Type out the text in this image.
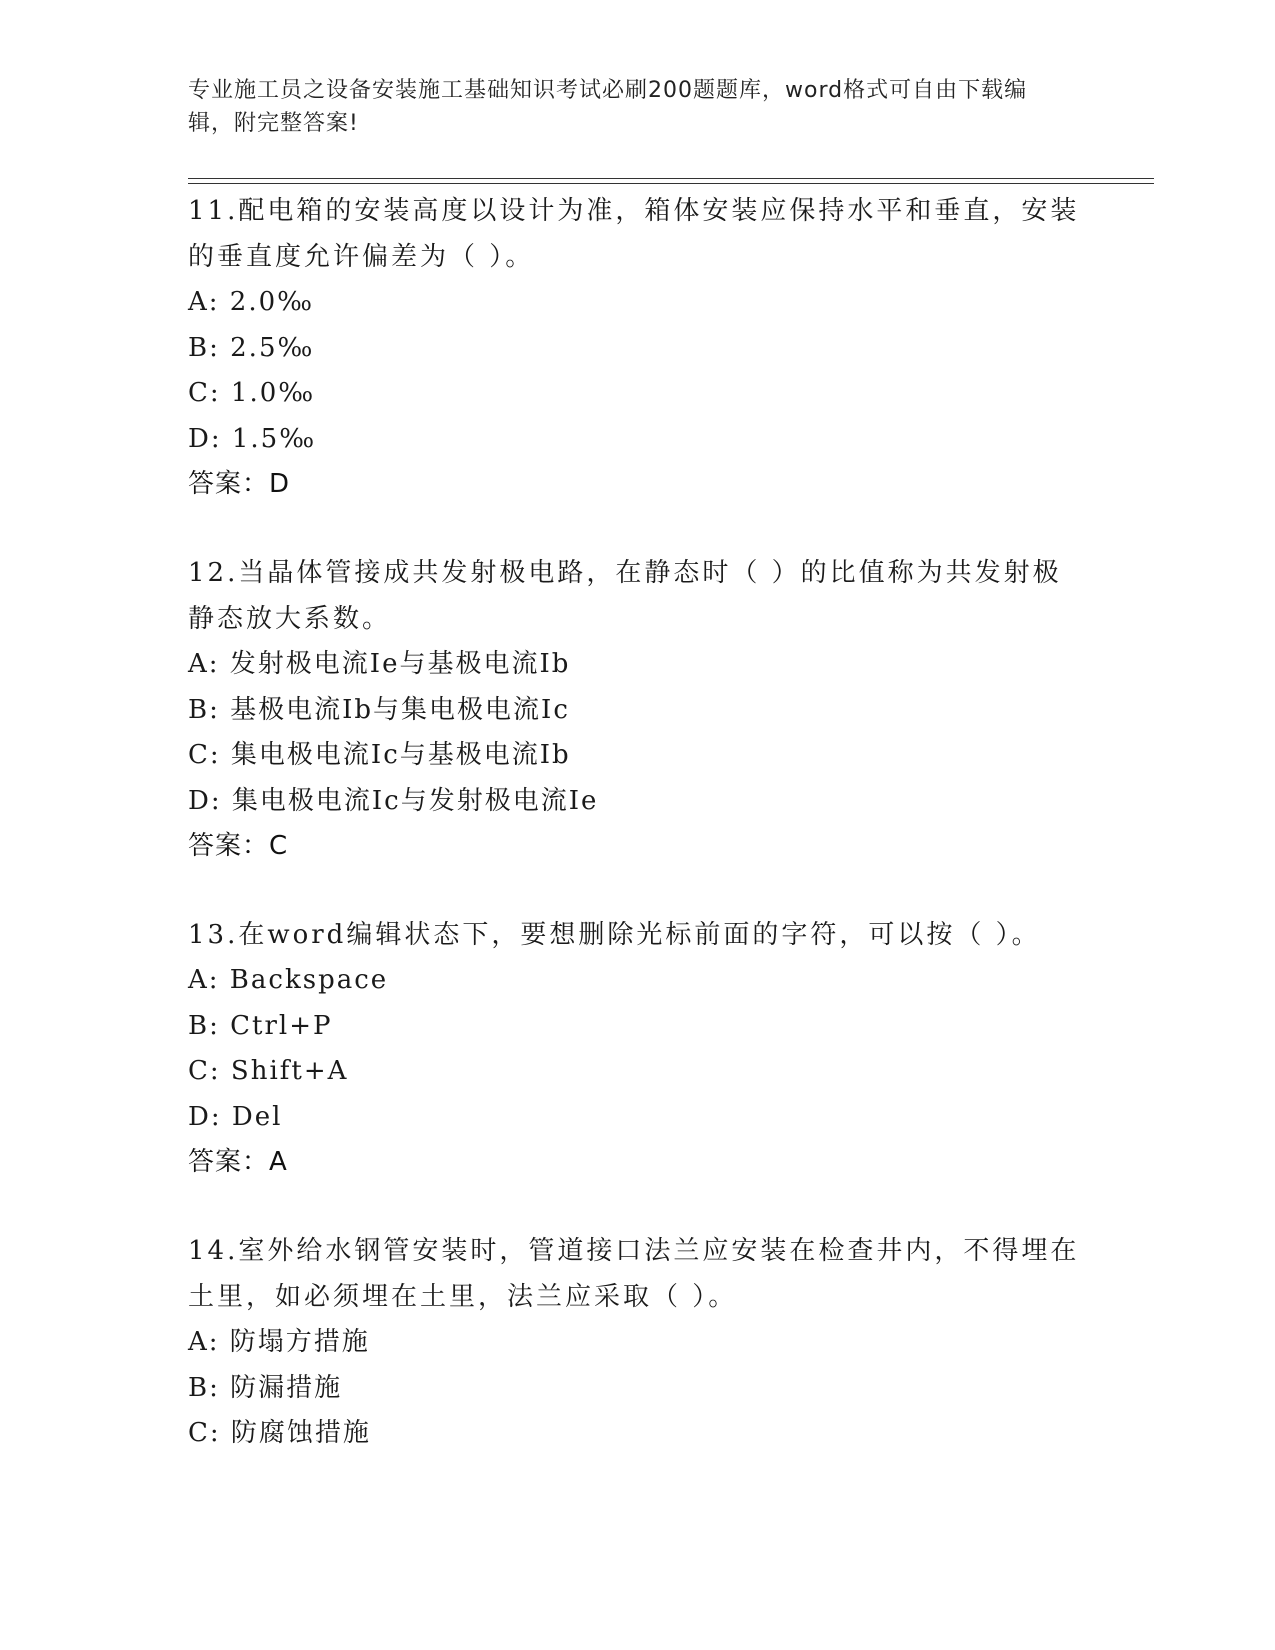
专业施工员之设备安装施工基础知识考试必刷200题题库，word格式可自由下载编辑，附完整答案!

11.配电箱的安装高度以设计为准，箱体安装应保持水平和垂直，安装的垂直度允许偏差为（ ）。

A: 2.0‰

B: 2.5‰

C: 1.0‰

D: 1.5‰

答案：D

12.当晶体管接成共发射极电路，在静态时（ ）的比值称为共发射极静态放大系数。

A: 发射极电流Ie与基极电流Ib

B: 基极电流Ib与集电极电流Ic

C: 集电极电流Ic与基极电流Ib

D: 集电极电流Ic与发射极电流Ie

答案：C

13.在word编辑状态下，要想删除光标前面的字符，可以按（ ）。

A: Backspace

B: Ctrl+P

C: Shift+A

D: Del

答案：A

14.室外给水钢管安装时，管道接口法兰应安装在检查井内，不得埋在土里，如必须埋在土里，法兰应采取（ ）。

A: 防塌方措施

B: 防漏措施

C: 防腐蚀措施
